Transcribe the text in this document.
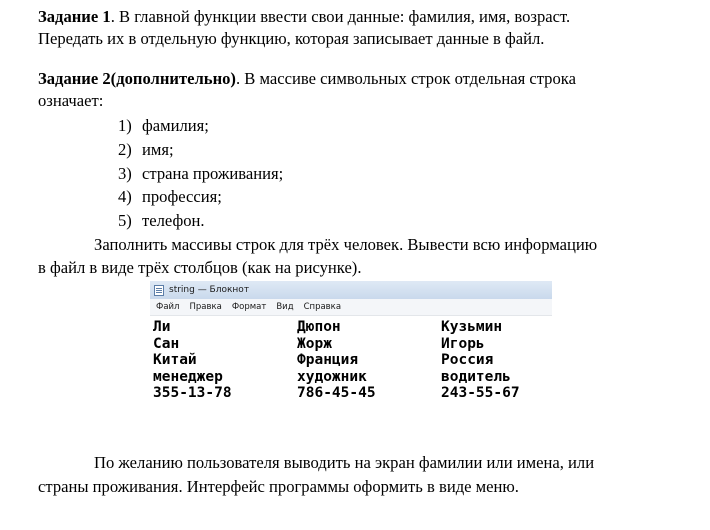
Задание 1. В главной функции ввести свои данные: фамилия, имя, возраст.
Передать их в отдельную функцию, которая записывает данные в файл.
Задание 2(дополнительно). В массиве символьных строк отдельная строка
означает:
1) фамилия;
2) имя;
3) страна проживания;
4) профессия;
5) телефон.
Заполнить массивы строк для трёх человек. Вывести всю информацию
в файл в виде трёх столбцов (как на рисунке).
string — Блокнот
Файл Правка Формат Вид Справка
Ли
Сан
Китай
менеджер
355-13-78
Дюпон
Жорж
Франция
художник
786-45-45
Кузьмин
Игорь
Россия
водитель
243-55-67
По желанию пользователя выводить на экран фамилии или имена, или
страны проживания. Интерфейс программы оформить в виде меню.
